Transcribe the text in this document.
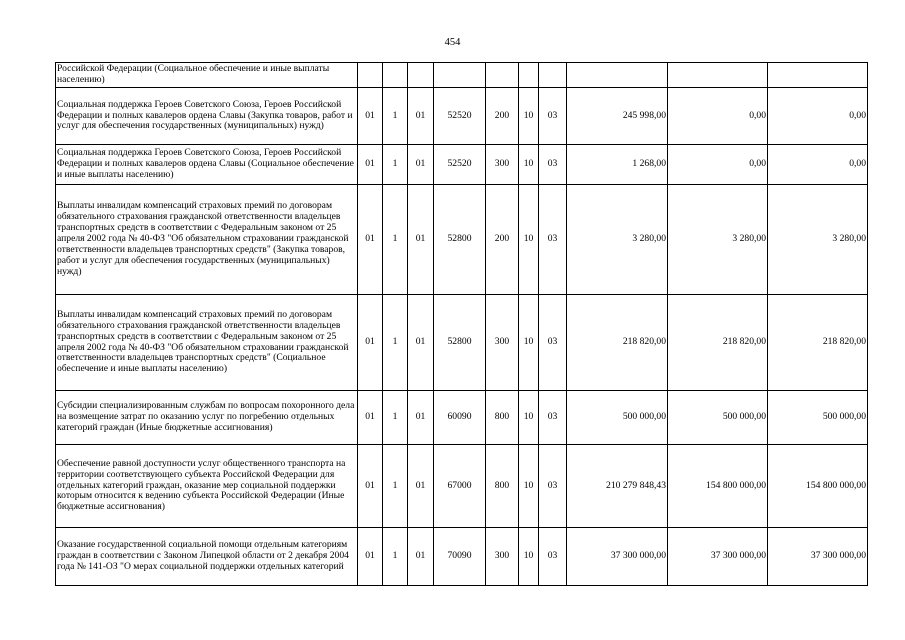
454
Российской Федерации (Социальное обеспечение и иные выплаты населению)										
Социальная поддержка Героев Советского Союза, Героев Российской Федерации и полных кавалеров ордена Славы (Закупка товаров, работ и услуг для обеспечения государственных (муниципальных) нужд)	01	1	01	52520	200	10	03	245 998,00	0,00	0,00
Социальная поддержка Героев Советского Союза, Героев Российской Федерации и полных кавалеров ордена Славы (Социальное обеспечение и иные выплаты населению)	01	1	01	52520	300	10	03	1 268,00	0,00	0,00
Выплаты инвалидам компенсаций страховых премий по договорам обязательного страхования гражданской ответственности владельцев транспортных средств в соответствии с Федеральным законом от 25 апреля 2002 года № 40-ФЗ "Об обязательном страховании гражданской ответственности владельцев транспортных средств" (Закупка товаров, работ и услуг для обеспечения государственных (муниципальных) нужд)	01	1	01	52800	200	10	03	3 280,00	3 280,00	3 280,00
Выплаты инвалидам компенсаций страховых премий по договорам обязательного страхования гражданской ответственности владельцев транспортных средств в соответствии с Федеральным законом от 25 апреля 2002 года № 40-ФЗ "Об обязательном страховании гражданской ответственности владельцев транспортных средств" (Социальное обеспечение и иные выплаты населению)	01	1	01	52800	300	10	03	218 820,00	218 820,00	218 820,00
Субсидии специализированным службам по вопросам похоронного дела на возмещение затрат по оказанию услуг по погребению отдельных категорий граждан (Иные бюджетные ассигнования)	01	1	01	60090	800	10	03	500 000,00	500 000,00	500 000,00
Обеспечение равной доступности услуг общественного транспорта на территории соответствующего субъекта Российской Федерации для отдельных категорий граждан, оказание мер социальной поддержки которым относится к ведению субъекта Российской Федерации (Иные бюджетные ассигнования)	01	1	01	67000	800	10	03	210 279 848,43	154 800 000,00	154 800 000,00
Оказание государственной социальной помощи отдельным категориям граждан в соответствии с Законом Липецкой области от 2 декабря 2004 года № 141-ОЗ "О мерах социальной поддержки отдельных категорий	01	1	01	70090	300	10	03	37 300 000,00	37 300 000,00	37 300 000,00
